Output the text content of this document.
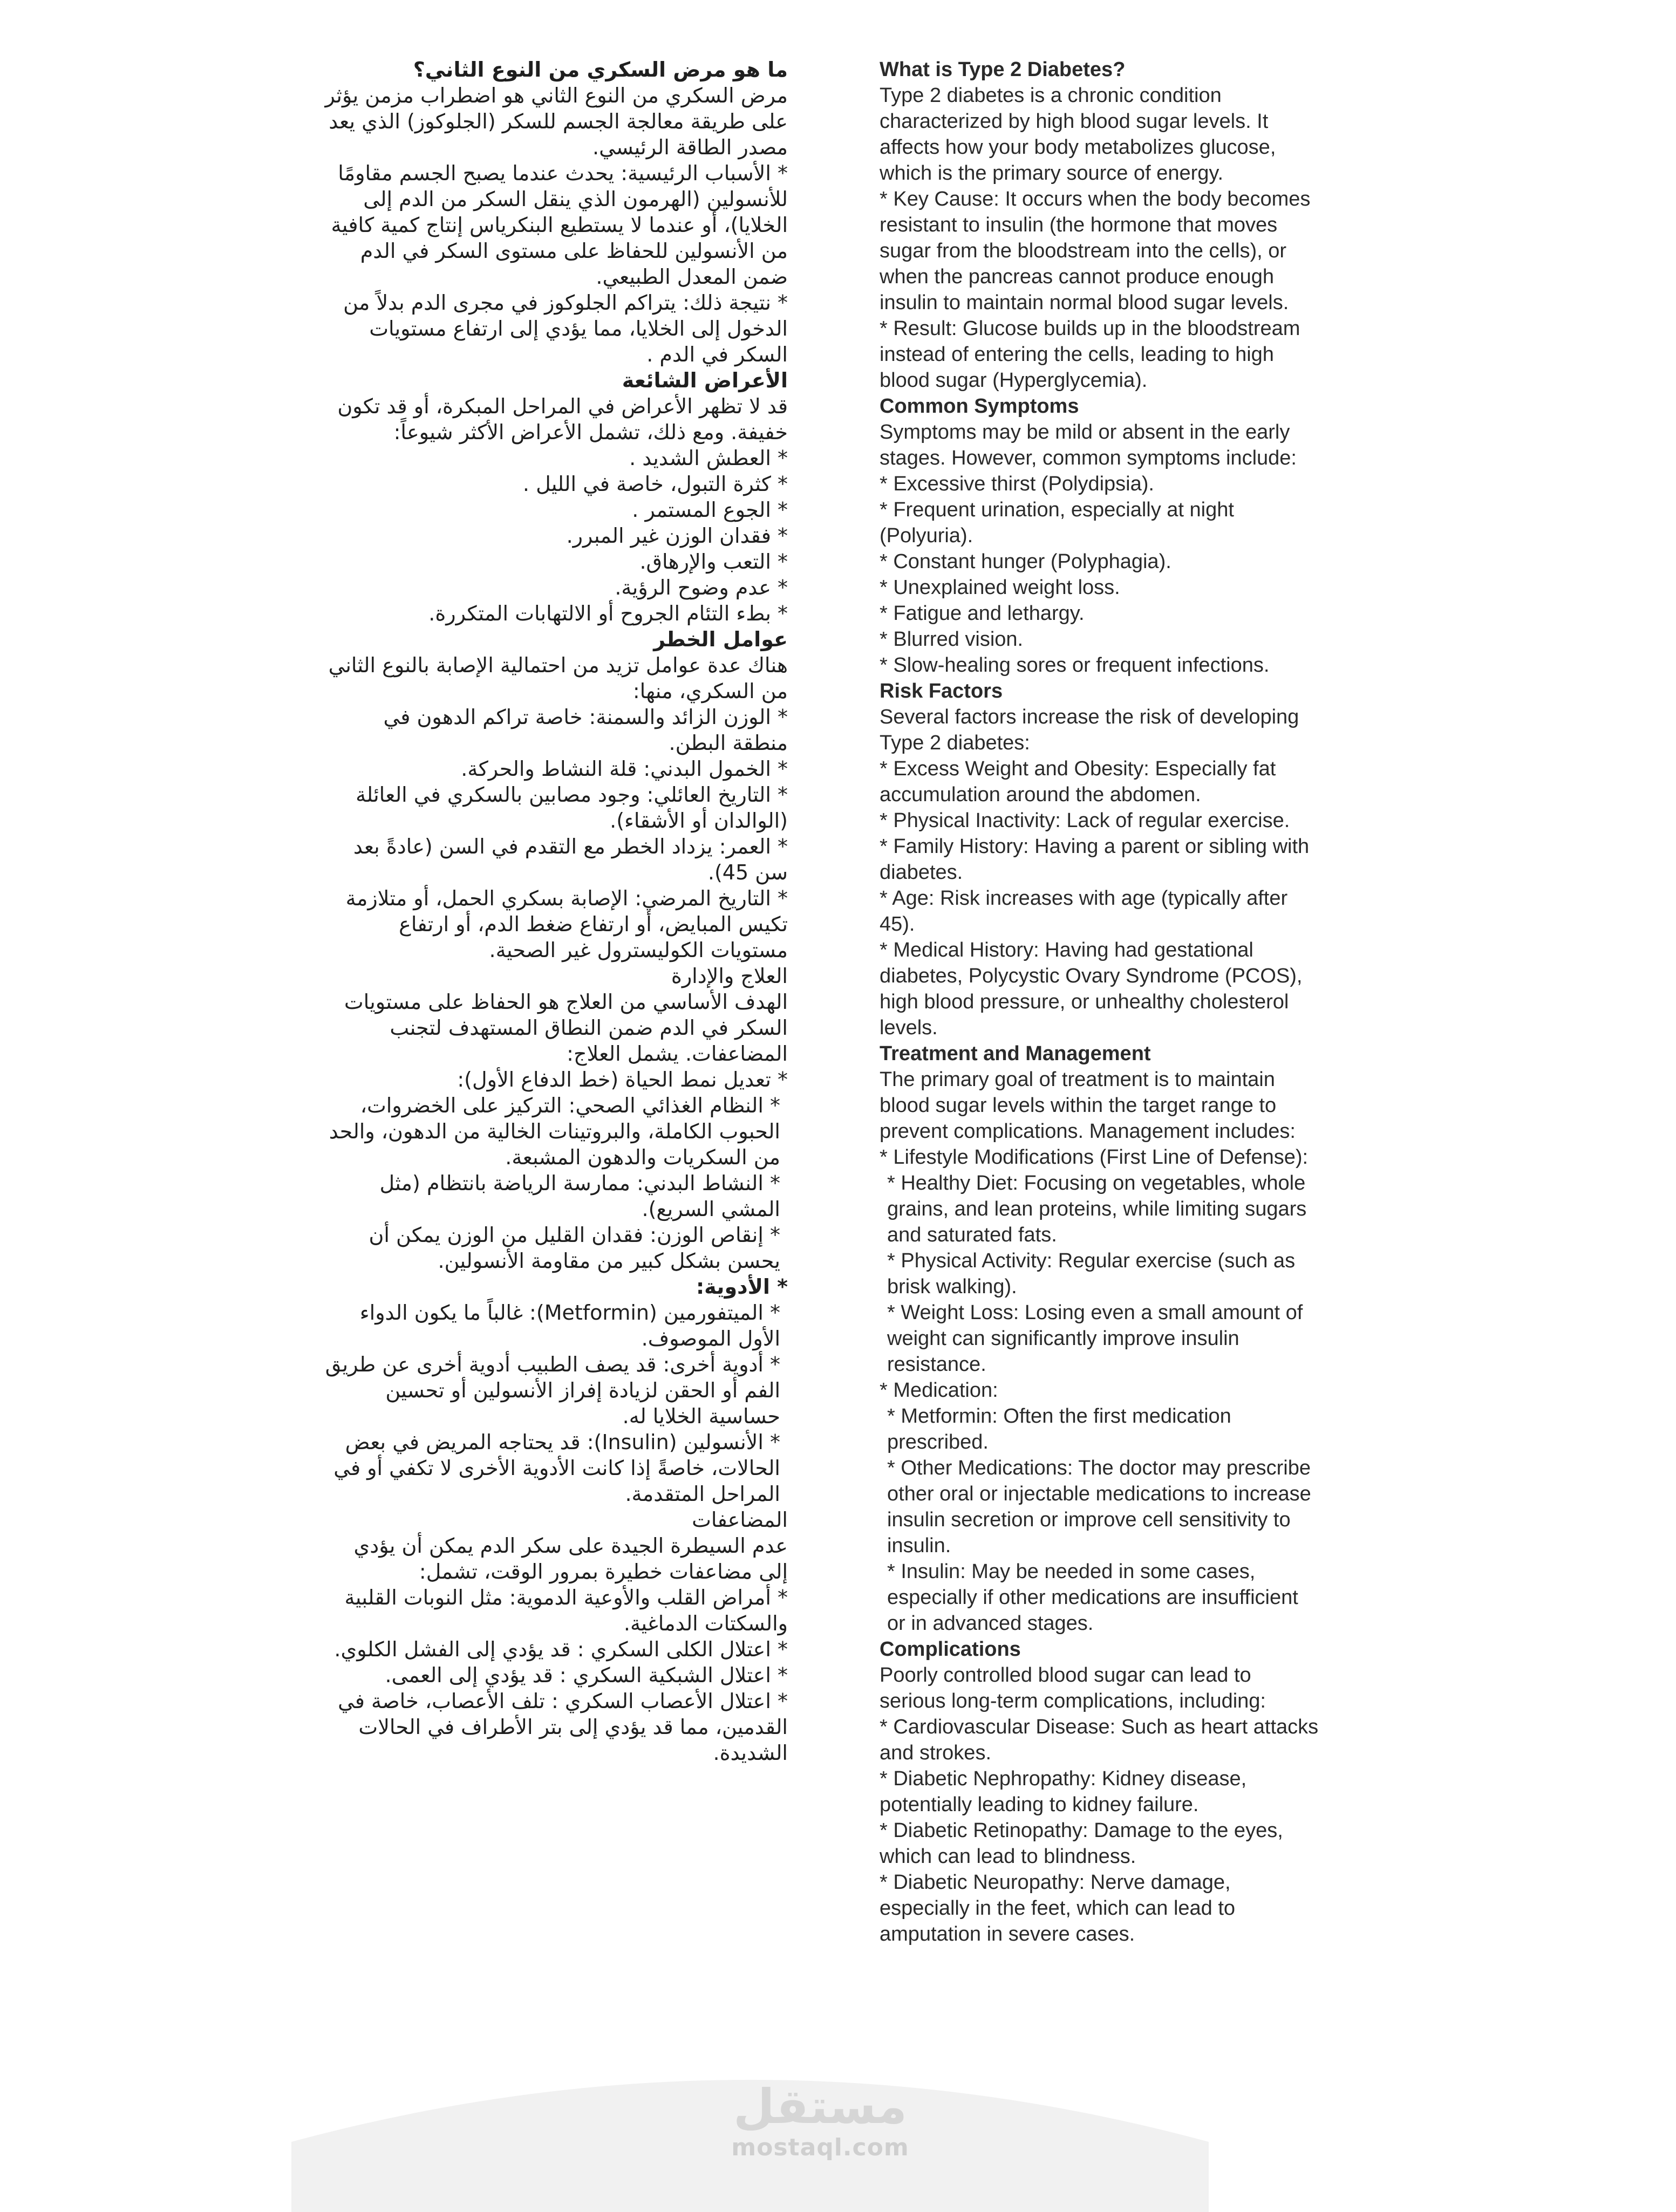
ما هو مرض السكري من النوع الثاني؟

مرض السكري من النوع الثاني هو اضطراب مزمن يؤثر على طريقة معالجة الجسم للسكر (الجلوكوز) الذي يعد مصدر الطاقة الرئيسي.

* الأسباب الرئيسية: يحدث عندما يصبح الجسم مقاومًا للأنسولين (الهرمون الذي ينقل السكر من الدم إلى الخلايا)، أو عندما لا يستطيع البنكرياس إنتاج كمية كافية من الأنسولين للحفاظ على مستوى السكر في الدم ضمن المعدل الطبيعي.

* نتيجة ذلك: يتراكم الجلوكوز في مجرى الدم بدلاً من الدخول إلى الخلايا، مما يؤدي إلى ارتفاع مستويات السكر في الدم .

الأعراض الشائعة

قد لا تظهر الأعراض في المراحل المبكرة، أو قد تكون خفيفة. ومع ذلك، تشمل الأعراض الأكثر شيوعاً:

* العطش الشديد .

* كثرة التبول، خاصة في الليل .

* الجوع المستمر .

* فقدان الوزن غير المبرر.

* التعب والإرهاق.

* عدم وضوح الرؤية.

* بطء التئام الجروح أو الالتهابات المتكررة.

عوامل الخطر

هناك عدة عوامل تزيد من احتمالية الإصابة بالنوع الثاني من السكري، منها:

* الوزن الزائد والسمنة: خاصة تراكم الدهون في منطقة البطن.

* الخمول البدني: قلة النشاط والحركة.

* التاريخ العائلي: وجود مصابين بالسكري في العائلة (الوالدان أو الأشقاء).

* العمر: يزداد الخطر مع التقدم في السن (عادةً بعد سن 45).

* التاريخ المرضي: الإصابة بسكري الحمل، أو متلازمة تكيس المبايض، أو ارتفاع ضغط الدم، أو ارتفاع مستويات الكوليسترول غير الصحية.

العلاج والإدارة

الهدف الأساسي من العلاج هو الحفاظ على مستويات السكر في الدم ضمن النطاق المستهدف لتجنب المضاعفات. يشمل العلاج:

* تعديل نمط الحياة (خط الدفاع الأول):

* النظام الغذائي الصحي: التركيز على الخضروات، الحبوب الكاملة، والبروتينات الخالية من الدهون، والحد من السكريات والدهون المشبعة.

* النشاط البدني: ممارسة الرياضة بانتظام (مثل المشي السريع).

* إنقاص الوزن: فقدان القليل من الوزن يمكن أن يحسن بشكل كبير من مقاومة الأنسولين.

* الأدوية:

* الميتفورمين (Metformin): غالباً ما يكون الدواء الأول الموصوف.

* أدوية أخرى: قد يصف الطبيب أدوية أخرى عن طريق الفم أو الحقن لزيادة إفراز الأنسولين أو تحسين حساسية الخلايا له.

* الأنسولين (Insulin): قد يحتاجه المريض في بعض الحالات، خاصةً إذا كانت الأدوية الأخرى لا تكفي أو في المراحل المتقدمة.

المضاعفات

عدم السيطرة الجيدة على سكر الدم يمكن أن يؤدي إلى مضاعفات خطيرة بمرور الوقت، تشمل:

* أمراض القلب والأوعية الدموية: مثل النوبات القلبية والسكتات الدماغية.

* اعتلال الكلى السكري : قد يؤدي إلى الفشل الكلوي.

* اعتلال الشبكية السكري : قد يؤدي إلى العمى.

* اعتلال الأعصاب السكري : تلف الأعصاب، خاصة في القدمين، مما قد يؤدي إلى بتر الأطراف في الحالات الشديدة.

What is Type 2 Diabetes?

Type 2 diabetes is a chronic condition characterized by high blood sugar levels. It affects how your body metabolizes glucose, which is the primary source of energy.

* Key Cause: It occurs when the body becomes resistant to insulin (the hormone that moves sugar from the bloodstream into the cells), or when the pancreas cannot produce enough insulin to maintain normal blood sugar levels.

* Result: Glucose builds up in the bloodstream instead of entering the cells, leading to high blood sugar (Hyperglycemia).

Common Symptoms

Symptoms may be mild or absent in the early stages. However, common symptoms include:

* Excessive thirst (Polydipsia).

* Frequent urination, especially at night (Polyuria).

* Constant hunger (Polyphagia).

* Unexplained weight loss.

* Fatigue and lethargy.

* Blurred vision.

* Slow-healing sores or frequent infections.

Risk Factors

Several factors increase the risk of developing Type 2 diabetes:

* Excess Weight and Obesity: Especially fat accumulation around the abdomen.

* Physical Inactivity: Lack of regular exercise.

* Family History: Having a parent or sibling with diabetes.

* Age: Risk increases with age (typically after 45).

* Medical History: Having had gestational diabetes, Polycystic Ovary Syndrome (PCOS), high blood pressure, or unhealthy cholesterol levels.

Treatment and Management

The primary goal of treatment is to maintain blood sugar levels within the target range to prevent complications. Management includes:

* Lifestyle Modifications (First Line of Defense):

* Healthy Diet: Focusing on vegetables, whole grains, and lean proteins, while limiting sugars and saturated fats.

* Physical Activity: Regular exercise (such as brisk walking).

* Weight Loss: Losing even a small amount of weight can significantly improve insulin resistance.

* Medication:

* Metformin: Often the first medication prescribed.

* Other Medications: The doctor may prescribe other oral or injectable medications to increase insulin secretion or improve cell sensitivity to insulin.

* Insulin: May be needed in some cases, especially if other medications are insufficient or in advanced stages.

Complications

Poorly controlled blood sugar can lead to serious long-term complications, including:

* Cardiovascular Disease: Such as heart attacks and strokes.

* Diabetic Nephropathy: Kidney disease, potentially leading to kidney failure.

* Diabetic Retinopathy: Damage to the eyes, which can lead to blindness.

* Diabetic Neuropathy: Nerve damage, especially in the feet, which can lead to amputation in severe cases.

مستقل
mostaql.com
